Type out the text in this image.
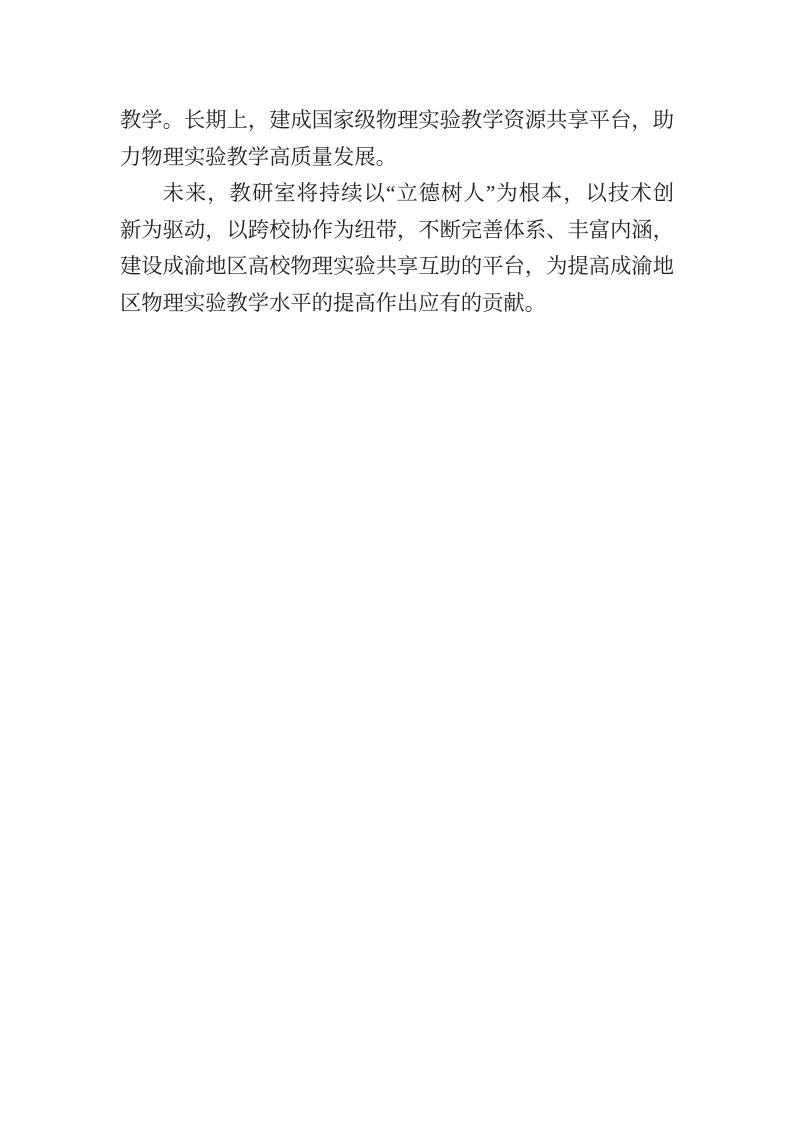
教学。长期上，建成国家级物理实验教学资源共享平台，助
力物理实验教学高质量发展。
未来，教研室将持续以“立德树人”为根本，以技术创
新为驱动，以跨校协作为纽带，不断完善体系、丰富内涵，
建设成渝地区高校物理实验共享互助的平台，为提高成渝地
区物理实验教学水平的提高作出应有的贡献。
